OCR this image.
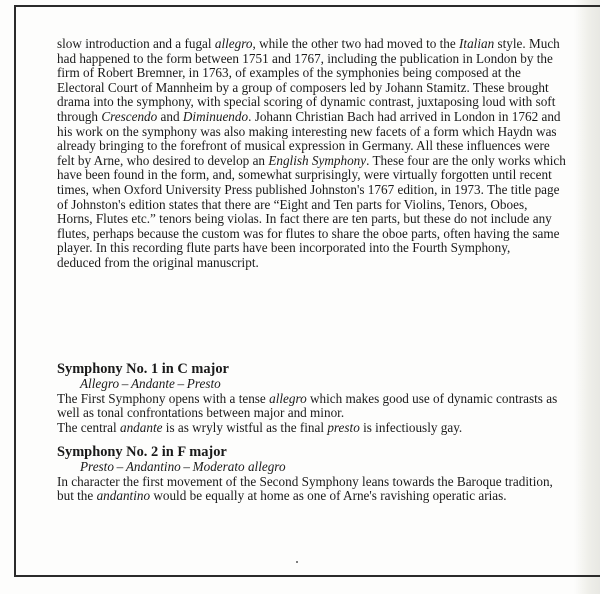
slow introduction and a fugal allegro, while the other two had moved to the Italian style. Much
had happened to the form between 1751 and 1767, including the publication in London by the
firm of Robert Bremner, in 1763, of examples of the symphonies being composed at the
Electoral Court of Mannheim by a group of composers led by Johann Stamitz. These brought
drama into the symphony, with special scoring of dynamic contrast, juxtaposing loud with soft
through Crescendo and Diminuendo. Johann Christian Bach had arrived in London in 1762 and
his work on the symphony was also making interesting new facets of a form which Haydn was
already bringing to the forefront of musical expression in Germany. All these influences were
felt by Arne, who desired to develop an English Symphony. These four are the only works which
have been found in the form, and, somewhat surprisingly, were virtually forgotten until recent
times, when Oxford University Press published Johnston's 1767 edition, in 1973. The title page
of Johnston's edition states that there are “Eight and Ten parts for Violins, Tenors, Oboes,
Horns, Flutes etc.” tenors being violas. In fact there are ten parts, but these do not include any
flutes, perhaps because the custom was for flutes to share the oboe parts, often having the same
player. In this recording flute parts have been incorporated into the Fourth Symphony,
deduced from the original manuscript.
Symphony No. 1 in C major
Allegro – Andante – Presto
The First Symphony opens with a tense allegro which makes good use of dynamic contrasts as
well as tonal confrontations between major and minor.
The central andante is as wryly wistful as the final presto is infectiously gay.
Symphony No. 2 in F major
Presto – Andantino – Moderato allegro
In character the first movement of the Second Symphony leans towards the Baroque tradition,
but the andantino would be equally at home as one of Arne's ravishing operatic arias.
